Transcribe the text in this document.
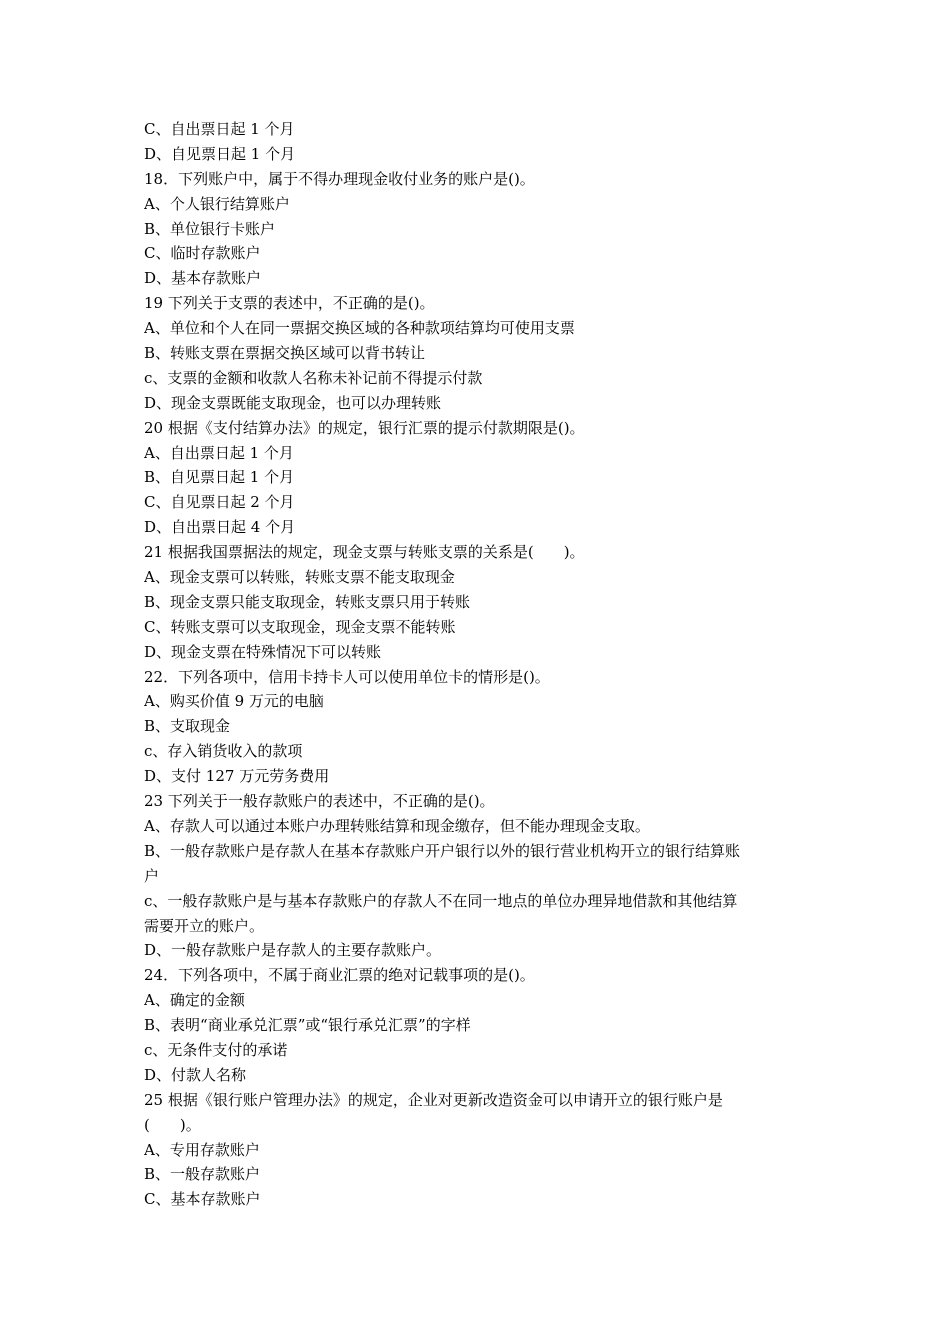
C、自出票日起 1 个月
D、自见票日起 1 个月
18．下列账户中，属于不得办理现金收付业务的账户是()。
A、个人银行结算账户
B、单位银行卡账户
C、临时存款账户
D、基本存款账户
19 下列关于支票的表述中，不正确的是()。
A、单位和个人在同一票据交换区域的各种款项结算均可使用支票
B、转账支票在票据交换区域可以背书转让
c、支票的金额和收款人名称未补记前不得提示付款
D、现金支票既能支取现金，也可以办理转账
20 根据《支付结算办法》的规定，银行汇票的提示付款期限是()。
A、自出票日起 1 个月
B、自见票日起 1 个月
C、自见票日起 2 个月
D、自出票日起 4 个月
21 根据我国票据法的规定，现金支票与转账支票的关系是(　　)。
A、现金支票可以转账，转账支票不能支取现金
B、现金支票只能支取现金，转账支票只用于转账
C、转账支票可以支取现金，现金支票不能转账
D、现金支票在特殊情况下可以转账
22．下列各项中，信用卡持卡人可以使用单位卡的情形是()。
A、购买价值 9 万元的电脑
B、支取现金
c、存入销货收入的款项
D、支付 127 万元劳务费用
23 下列关于一般存款账户的表述中，不正确的是()。
A、存款人可以通过本账户办理转账结算和现金缴存，但不能办理现金支取。
B、一般存款账户是存款人在基本存款账户开户银行以外的银行营业机构开立的银行结算账
户
c、一般存款账户是与基本存款账户的存款人不在同一地点的单位办理异地借款和其他结算
需要开立的账户。
D、一般存款账户是存款人的主要存款账户。
24．下列各项中，不属于商业汇票的绝对记载事项的是()。
A、确定的金额
B、表明“商业承兑汇票”或“银行承兑汇票”的字样
c、无条件支付的承诺
D、付款人名称
25 根据《银行账户管理办法》的规定，企业对更新改造资金可以申请开立的银行账户是
(　　)。
A、专用存款账户
B、一般存款账户
C、基本存款账户
